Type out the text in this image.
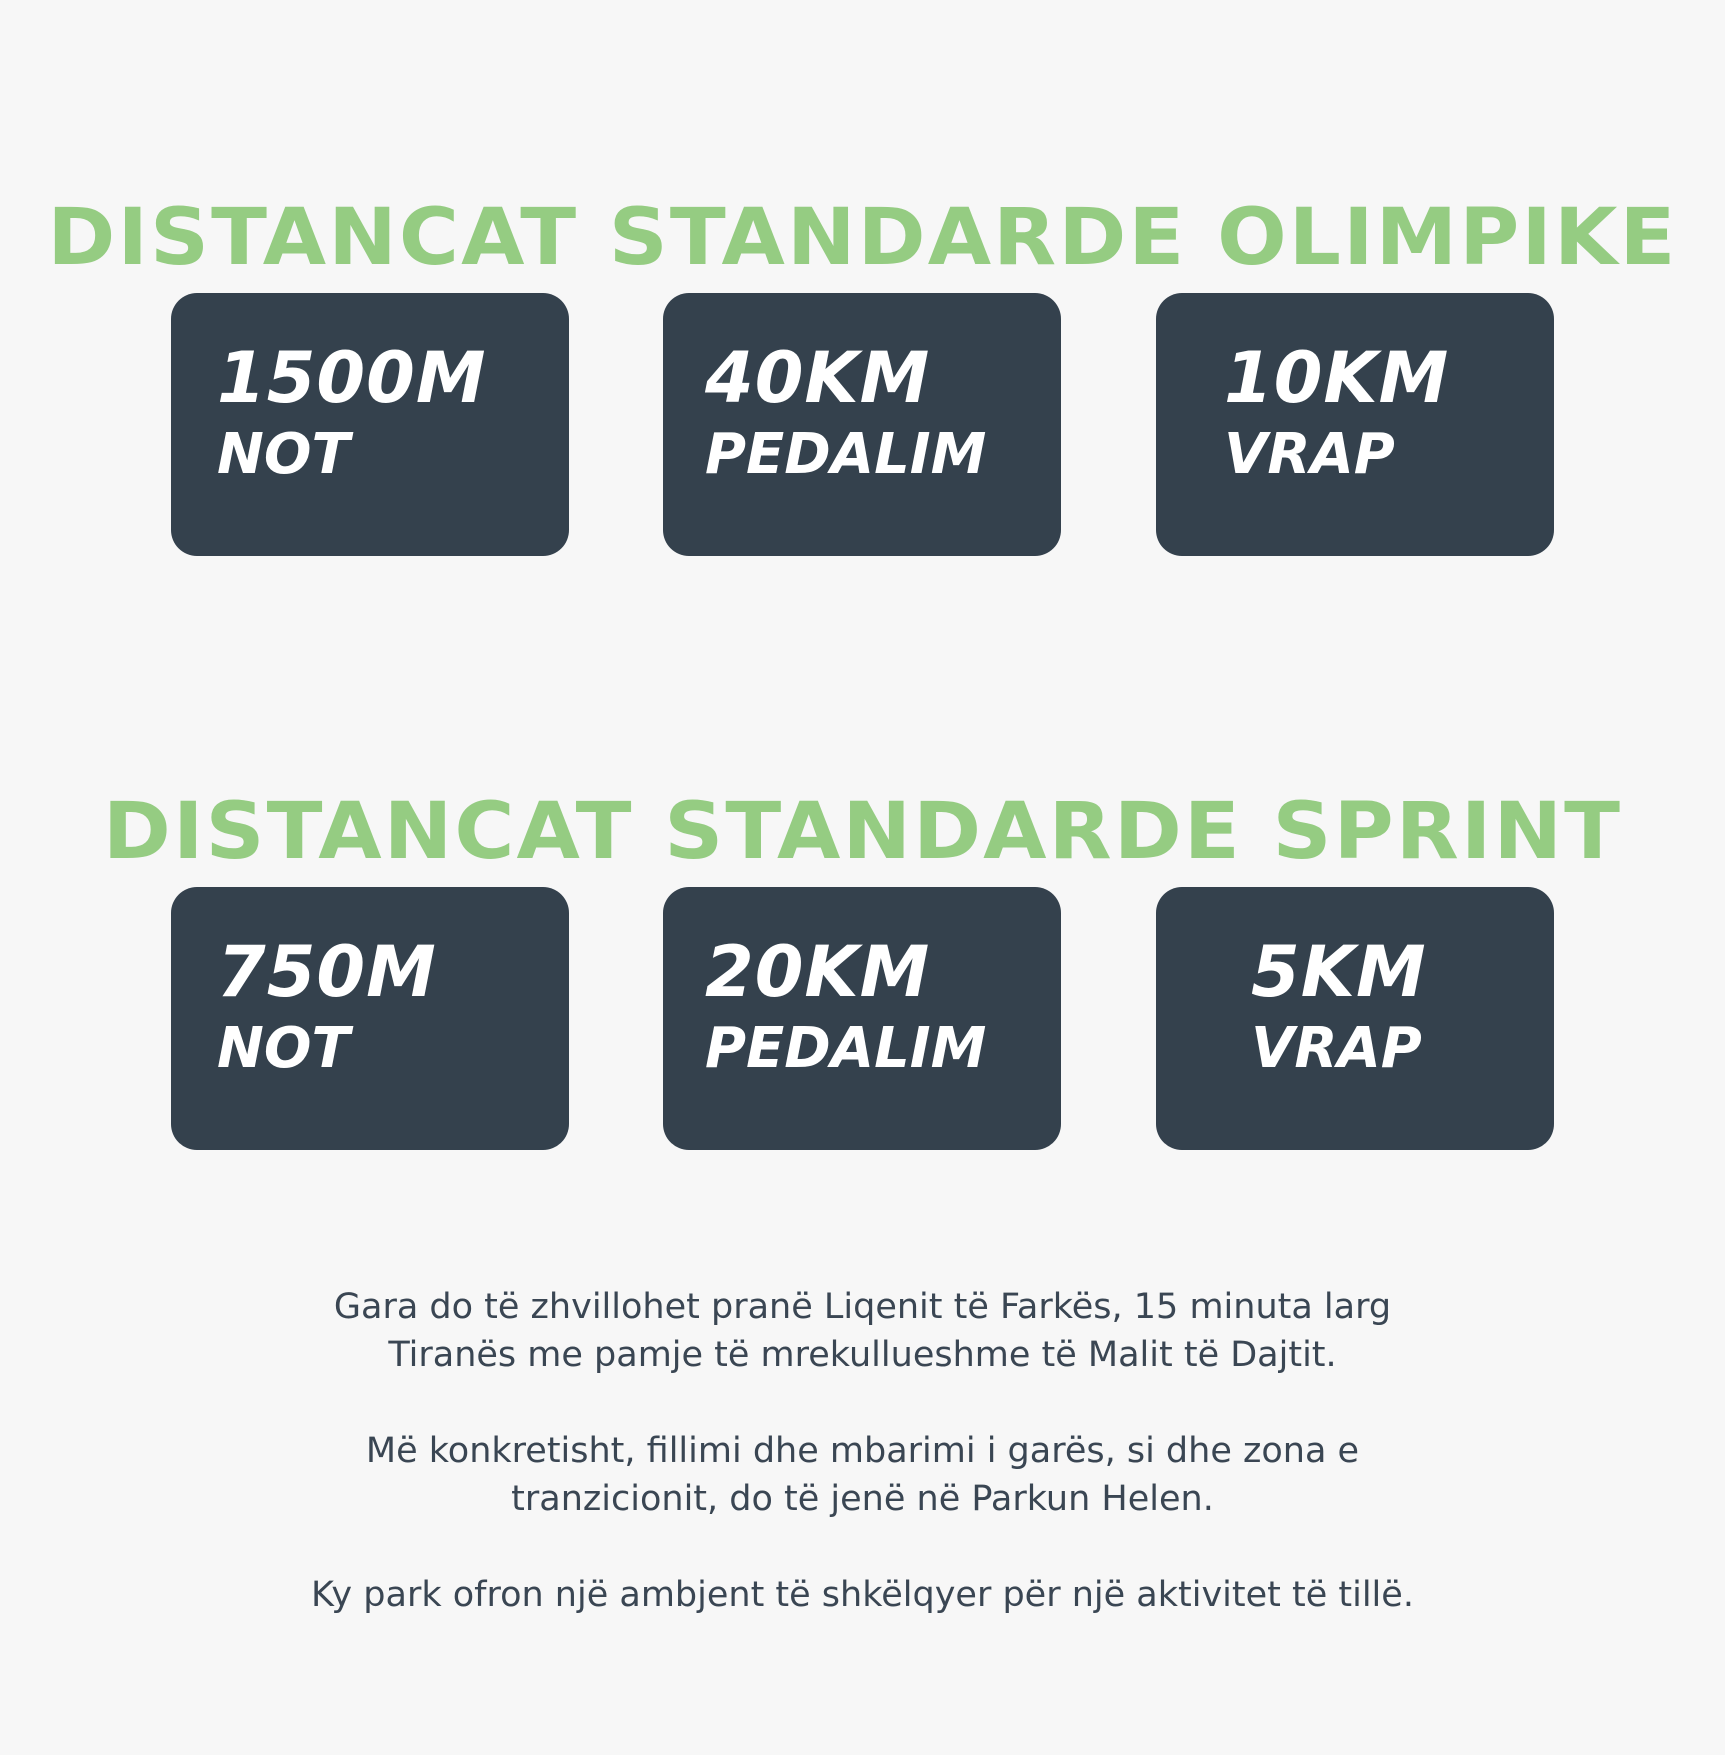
DISTANCAT STANDARDE OLIMPIKE
1500M
NOT
40KM
PEDALIM
10KM
VRAP
DISTANCAT STANDARDE SPRINT
750M
NOT
20KM
PEDALIM
5KM
VRAP

Gara do të zhvillohet pranë Liqenit të Farkës, 15 minuta larg
Tiranës me pamje të mrekullueshme të Malit të Dajtit.

Më konkretisht, fillimi dhe mbarimi i garës, si dhe zona e
tranzicionit, do të jenë në Parkun Helen.

Ky park ofron një ambjent të shkëlqyer për një aktivitet të tillë.
